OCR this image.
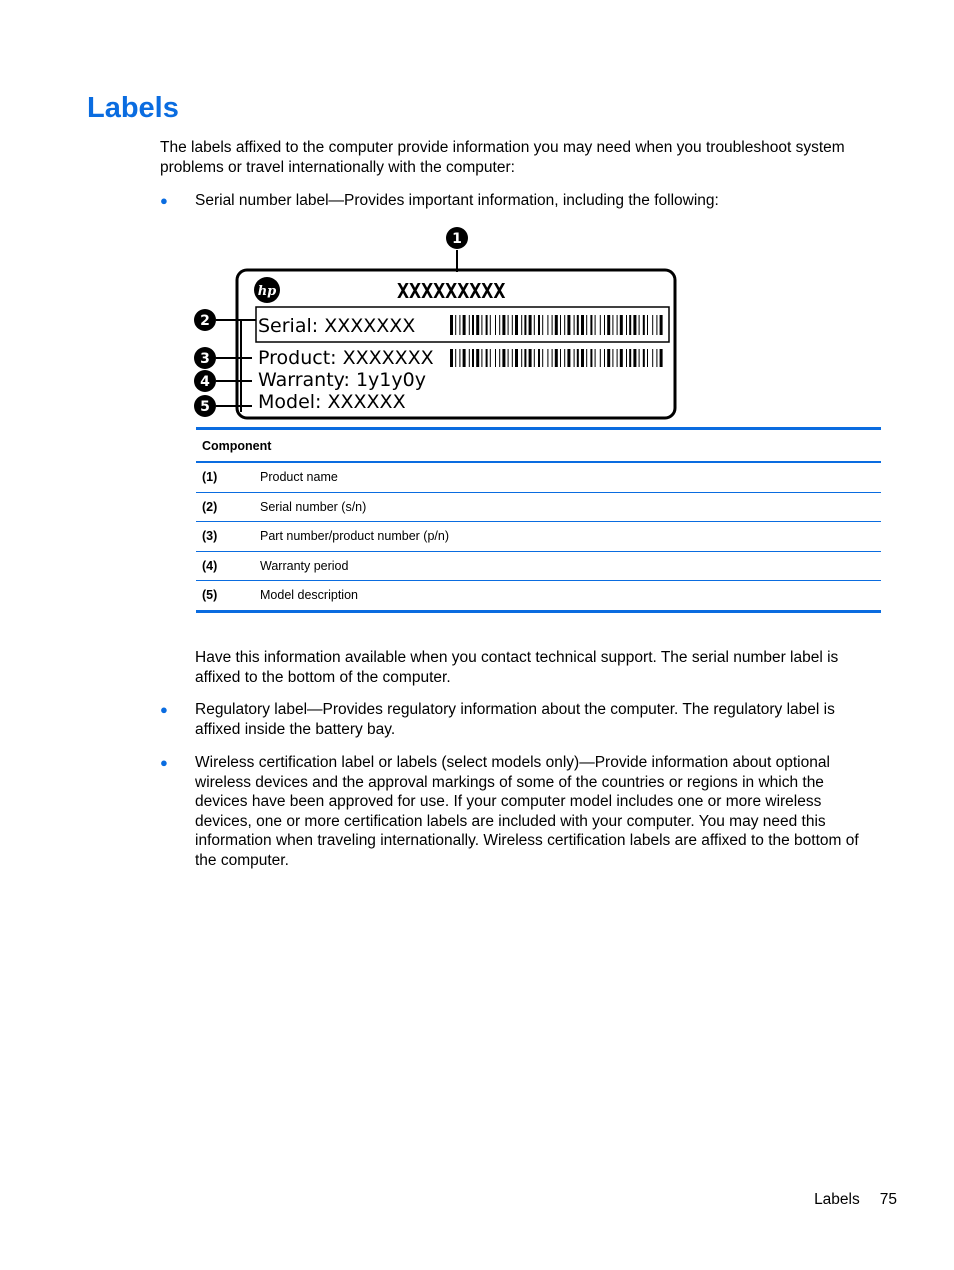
Labels

The labels affixed to the computer provide information you may need when you troubleshoot system problems or travel internationally with the computer:

● Serial number label—Provides important information, including the following:
hp	XXXXXXXXX
Serial: XXXXXXX
Product: XXXXXXX
Warranty: 1y1y0y
Model: XXXXXX
1
2
3
4
5
Component	
(1)	Product name
(2)	Serial number (s/n)
(3)	Part number/product number (p/n)
(4)	Warranty period
(5)	Model description

Have this information available when you contact technical support. The serial number label is affixed to the bottom of the computer.

● Regulatory label—Provides regulatory information about the computer. The regulatory label is affixed inside the battery bay.
● Wireless certification label or labels (select models only)—Provide information about optional wireless devices and the approval markings of some of the countries or regions in which the devices have been approved for use. If your computer model includes one or more wireless devices, one or more certification labels are included with your computer. You may need this information when traveling internationally. Wireless certification labels are affixed to the bottom of the computer.
Labels 75
